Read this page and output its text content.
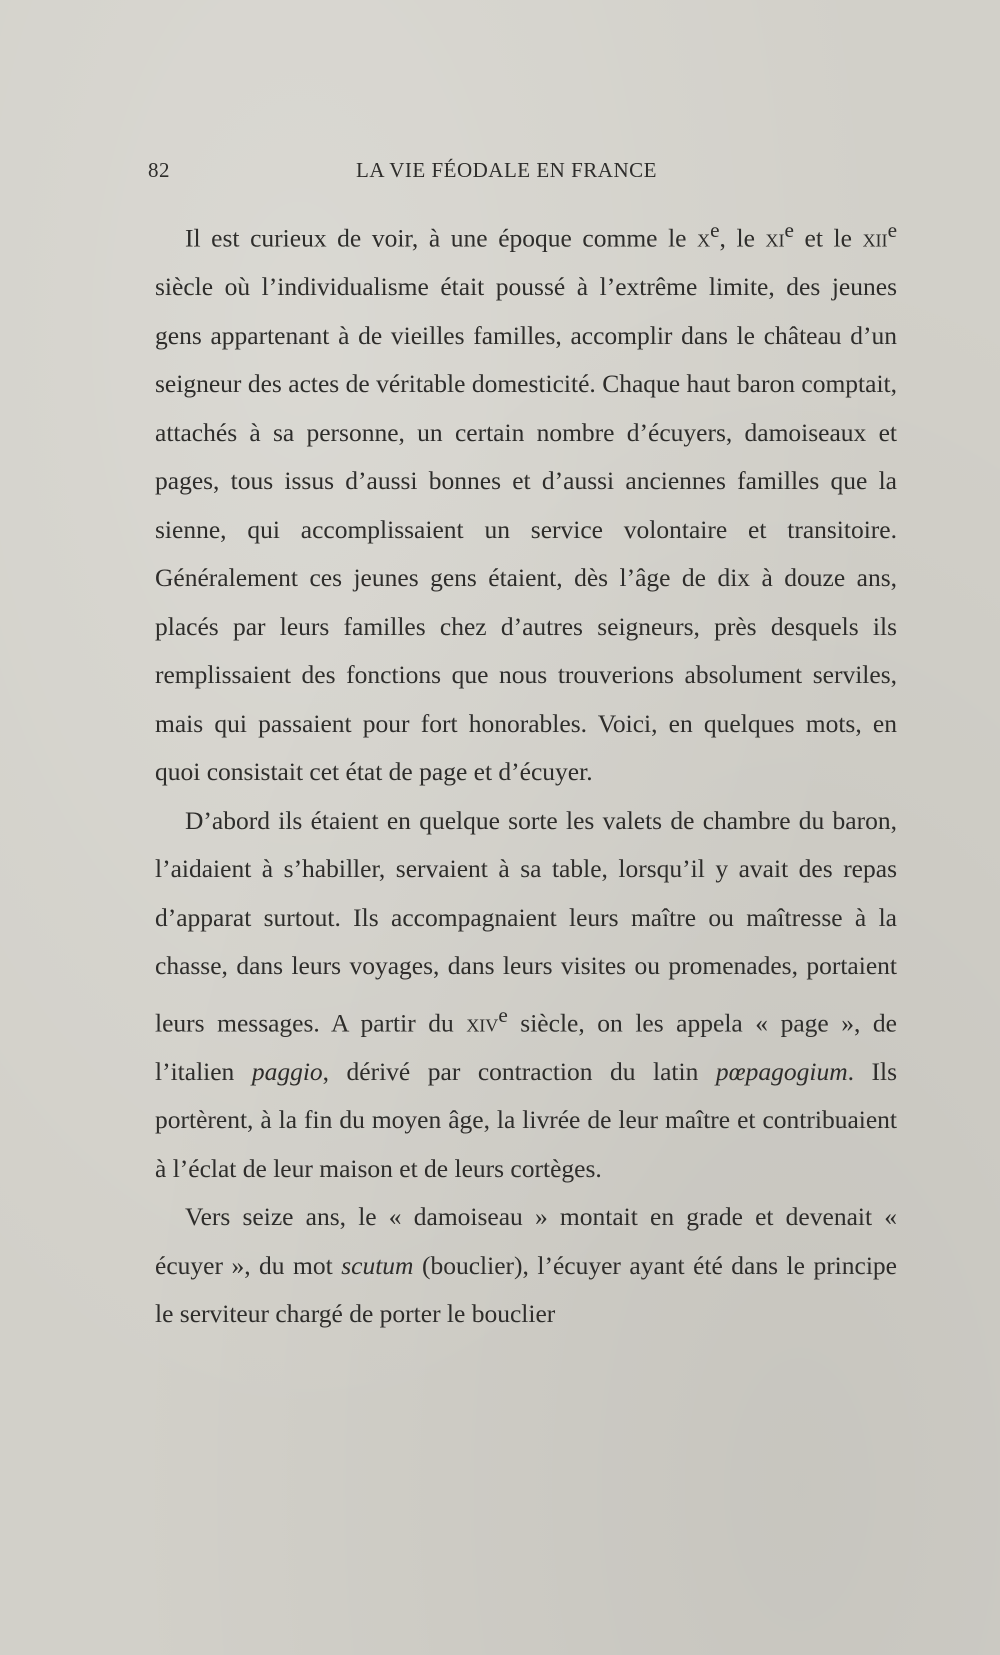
82	LA VIE FÉODALE EN FRANCE

Il est curieux de voir, à une époque comme le $x^e$, le $xi^e$ et le xii$^e$ siècle où l’individualisme était poussé à l’extrême limite, des jeunes gens appartenant à de vieilles familles, accomplir dans le château d’un seigneur des actes de véritable domesticité. Chaque haut baron comptait, attachés à sa personne, un certain nombre d’écuyers, damoiseaux et pages, tous issus d’aussi bonnes et d’aussi anciennes familles que la sienne, qui accomplissaient un service volontaire et transitoire. Généralement ces jeunes gens étaient, dès l’âge de dix à douze ans, placés par leurs familles chez d’autres seigneurs, près desquels ils remplissaient des fonctions que nous trouverions absolument serviles, mais qui passaient pour fort honorables. Voici, en quelques mots, en quoi consistait cet état de page et d’écuyer.

D’abord ils étaient en quelque sorte les valets de chambre du baron, l’aidaient à s’habiller, servaient à sa table, lorsqu’il y avait des repas d’apparat surtout. Ils accompagnaient leurs maître ou maîtresse à la chasse, dans leurs voyages, dans leurs visites ou promenades, portaient leurs messages. A partir du xiv$^e$ siècle, on les appela « page », de l’italien paggio, dérivé par contraction du latin pœpagogium. Ils portèrent, à la fin du moyen âge, la livrée de leur maître et contribuaient à l’éclat de leur maison et de leurs cortèges.

Vers seize ans, le « damoiseau » montait en grade et devenait « écuyer », du mot scutum (bouclier), l’écuyer ayant été dans le principe le serviteur chargé de porter le bouclier
